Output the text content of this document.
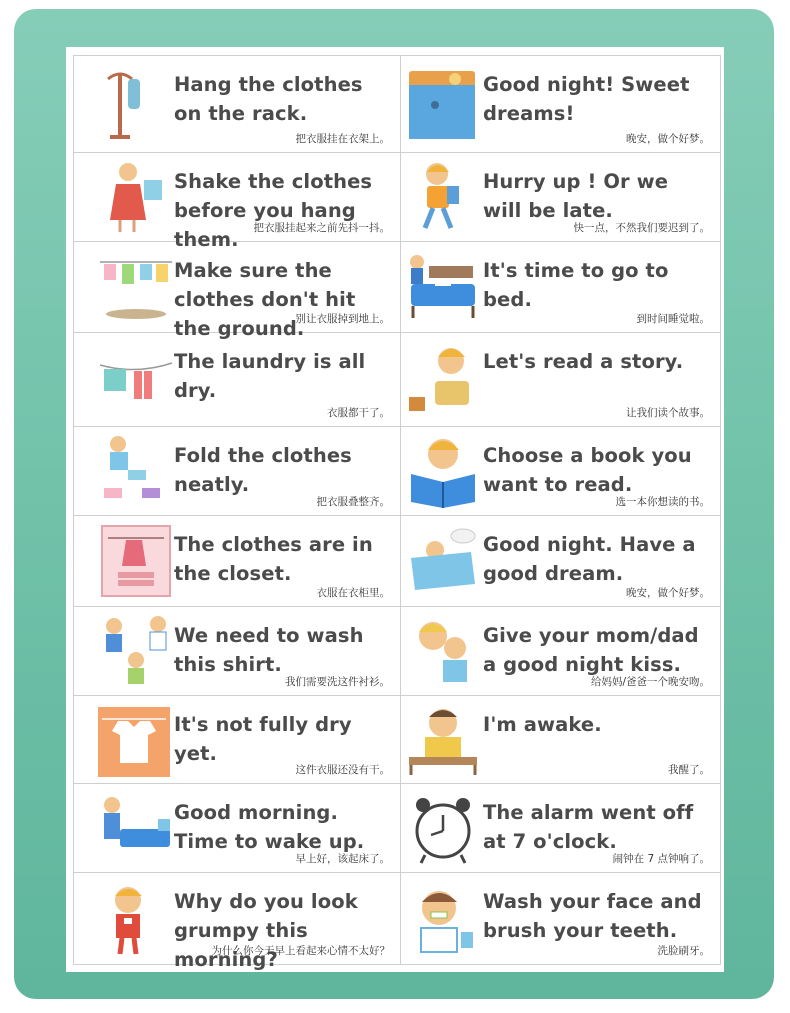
Hang the clothes on the rack.
把衣服挂在衣架上。
Good night! Sweet dreams!
晚安，做个好梦。
Shake the clothes before you hang them.	把衣服挂起来之前先抖一抖。
Hurry up ! Or we will be late.
快一点，不然我们要迟到了。
Make sure the clothes don't hit the ground.
别让衣服掉到地上。
It's time to go to bed.
到时间睡觉啦。
The laundry is all dry.
衣服都干了。
Let's read a story.
让我们读个故事。
Fold the clothes neatly.
把衣服叠整齐。
Choose a book you want to read.
选一本你想读的书。
The clothes are in the closet.
衣服在衣柜里。
Good night. Have a good dream.
晚安，做个好梦。
We need to wash this shirt.
我们需要洗这件衬衫。
Give your mom/dad a good night kiss.
给妈妈/爸爸一个晚安吻。
It's not fully dry yet.
这件衣服还没有干。
I'm awake.
我醒了。
Good morning. Time to wake up.
早上好，该起床了。
The alarm went off at 7 o'clock.
闹钟在 7 点钟响了。
Why do you look grumpy this morning?
为什么你今天早上看起来心情不太好？
Wash your face and brush your teeth.
洗脸刷牙。
